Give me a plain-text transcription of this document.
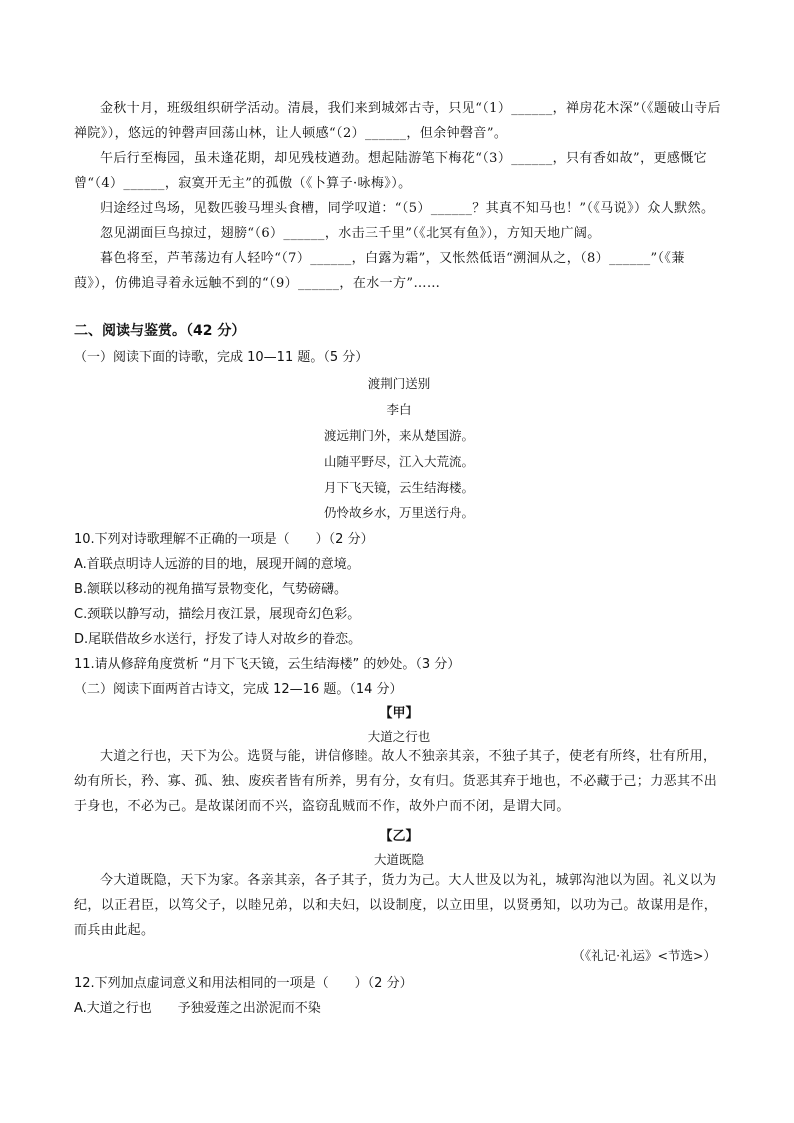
金秋十月，班级组织研学活动。清晨，我们来到城郊古寺，只见“（1）______，禅房花木深”（《题破山寺后禅院》），悠远的钟磬声回荡山林，让人顿感“（2）______，但余钟磬音”。

午后行至梅园，虽未逢花期，却见残枝遒劲。想起陆游笔下梅花“（3）______，只有香如故”，更感慨它曾“（4）______，寂寞开无主”的孤傲（《卜算子·咏梅》）。

归途经过鸟场，见数匹骏马埋头食槽，同学叹道：“（5）______？其真不知马也！”（《马说》）众人默然。

忽见湖面巨鸟掠过，翅膀“（6）______，水击三千里”（《北冥有鱼》），方知天地广阔。

暮色将至，芦苇荡边有人轻吟“（7）______，白露为霜”，又怅然低语“溯洄从之，（8）______”（《蒹葭》），仿佛追寻着永远触不到的“（9）______，在水一方”……

二、阅读与鉴赏。（42 分）
（一）阅读下面的诗歌，完成 10—11 题。（5 分）
渡荆门送别
李白
渡远荆门外，来从楚国游。
山随平野尽，江入大荒流。
月下飞天镜，云生结海楼。
仍怜故乡水，万里送行舟。
10.下列对诗歌理解不正确的一项是（　　）（2 分）
A.首联点明诗人远游的目的地，展现开阔的意境。
B.颔联以移动的视角描写景物变化，气势磅礴。
C.颈联以静写动，描绘月夜江景，展现奇幻色彩。
D.尾联借故乡水送行，抒发了诗人对故乡的眷恋。
11.请从修辞角度赏析 “月下飞天镜，云生结海楼” 的妙处。（3 分）
（二）阅读下面两首古诗文，完成 12—16 题。（14 分）
【甲】
大道之行也

大道之行也，天下为公。选贤与能，讲信修睦。故人不独亲其亲，不独子其子，使老有所终，壮有所用，幼有所长，矜、寡、孤、独、废疾者皆有所养，男有分，女有归。货恶其弃于地也，不必藏于己；力恶其不出于身也，不必为己。是故谋闭而不兴，盗窃乱贼而不作，故外户而不闭，是谓大同。

【乙】
大道既隐

今大道既隐，天下为家。各亲其亲，各子其子，货力为己。大人世及以为礼，城郭沟池以为固。礼义以为纪，以正君臣，以笃父子，以睦兄弟，以和夫妇，以设制度，以立田里，以贤勇知，以功为己。故谋用是作，而兵由此起。

（《礼记·礼运》<节选>）
12.下列加点虚词意义和用法相同的一项是（　　）（2 分）
A.大道之行也　　予独爱莲之出淤泥而不染
